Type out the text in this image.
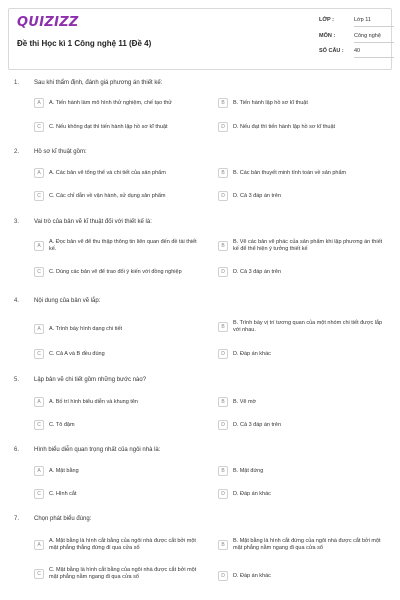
QUIZIZZ
Đề thi Học kì 1 Công nghệ 11 (Đề 4)
LỚP :	Lớp 11
MÔN :	Công nghệ
SỐ CÂU : 40
1. Sau khi thẩm định, đánh giá phương án thiết kế:
A	A. Tiến hành làm mô hình thử nghiệm, chế tạo thử	B	B. Tiến hành lập hồ sơ kĩ thuật
C	C. Nếu không đạt thì tiến hành lập hồ sơ kĩ thuật	D	D. Nếu đạt thì tiến hành lập hồ sơ kĩ thuật
2. Hồ sơ kĩ thuật gồm:
A	A. Các bản vẽ tổng thể và chi tiết của sản phẩm	B	B. Các bản thuyết minh tính toán về sản phẩm
C	C. Các chỉ dẫn về vận hành, sử dụng sản phẩm	D	D. Cả 3 đáp án trên
3. Vai trò của bản vẽ kĩ thuật đối với thiết kế là:
A
A. Đọc bản vẽ để thu thập thông tin liên quan đến đề tài thiết kế.	B
B. Vẽ các bản vẽ phác của sản phẩm khi lập phương án thiết kế để thể hiện ý tưởng thiết kế
C	C. Dùng các bản vẽ để trao đổi ý kiến với đồng nghiệp	D	D. Cả 3 đáp án trên
4. Nội dung của bản vẽ lắp:
A	A. Trình bày hình dạng chi tiết	B
B. Trình bày vị trí tương quan của một nhóm chi tiết được lắp với nhau.
C	C. Cả A và B đều đúng	D	D. Đáp án khác
5. Lập bản vẽ chi tiết gồm những bước nào?
A	A. Bố trí hình biểu diễn và khung tên	B	B. Vẽ mờ
C	C. Tô đậm	D	D. Cả 3 đáp án trên
6. Hình biểu diễn quan trọng nhất của ngôi nhà là:
A	A. Mặt bằng	B	B. Mặt đứng
C	C. Hình cắt	D	D. Đáp án khác
7. Chọn phát biểu đúng:
A
A. Mặt bằng là hình cắt bằng của ngôi nhà được cắt bởi một mặt phẳng thẳng đứng đi qua cửa sổ	B
B. Mặt bằng là hình cắt đứng của ngôi nhà được cắt bởi một mặt phẳng nằm ngang đi qua cửa sổ
C
C. Mặt bằng là hình cắt bằng của ngôi nhà được cắt bởi một mặt phẳng nằm ngang đi qua cửa sổ	D	D. Đáp án khác
